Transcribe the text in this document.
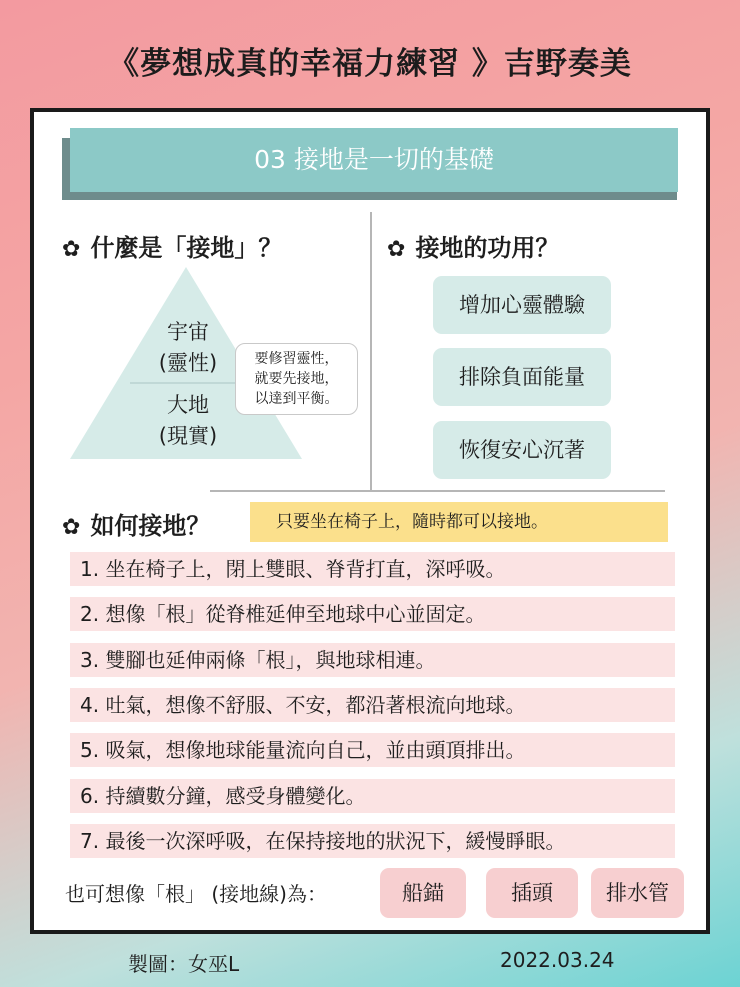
《夢想成真的幸福力練習 》吉野奏美
03 接地是一切的基礎
✿ 什麼是「接地」？
宇宙
(靈性)
大地
(現實)
要修習靈性，
就要先接地，
以達到平衡。
✿ 接地的功用？
增加心靈體驗
排除負面能量
恢復安心沉著
✿ 如何接地？	只要坐在椅子上，隨時都可以接地。
1. 坐在椅子上，閉上雙眼、脊背打直，深呼吸。
2. 想像「根」從脊椎延伸至地球中心並固定。
3. 雙腳也延伸兩條「根」，與地球相連。
4. 吐氣，想像不舒服、不安，都沿著根流向地球。
5. 吸氣，想像地球能量流向自己，並由頭頂排出。
6. 持續數分鐘，感受身體變化。
7. 最後一次深呼吸，在保持接地的狀況下，緩慢睜眼。
也可想像「根」 (接地線)為：	船錨	插頭	排水管
製圖：女巫L	2022.03.24
